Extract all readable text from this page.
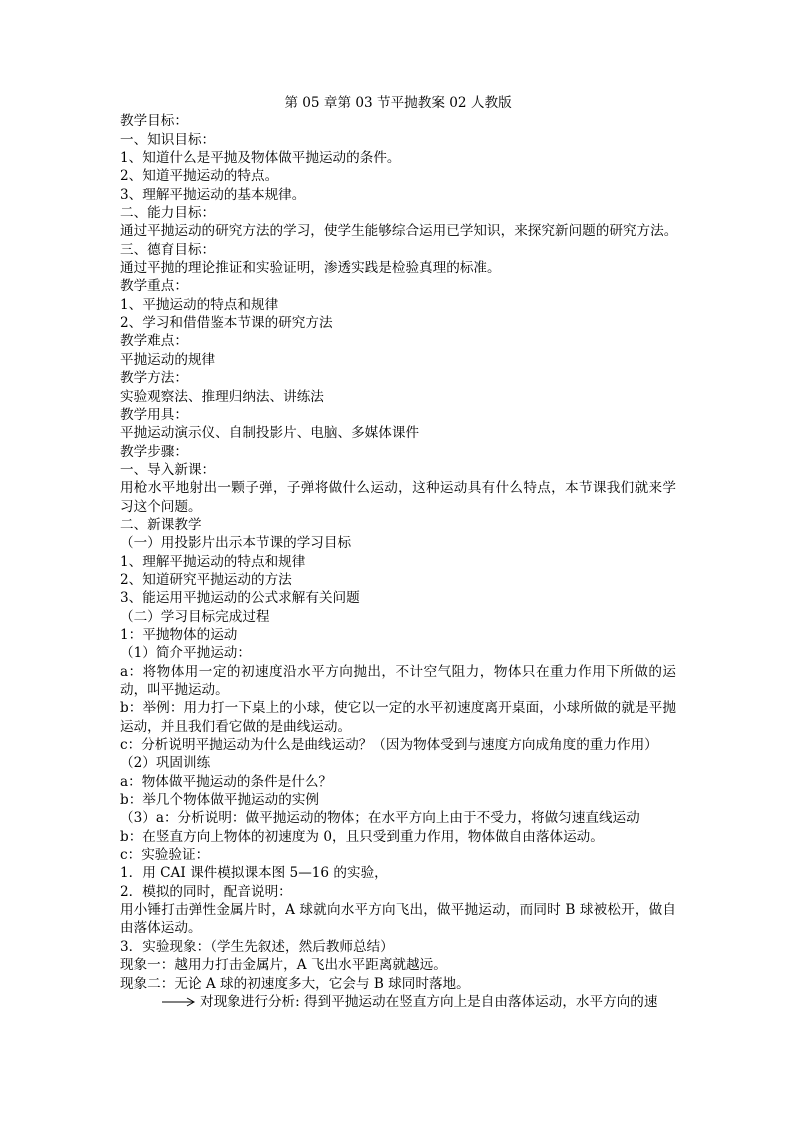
第 05 章第 03 节平抛教案 02 人教版
教学目标：
一、知识目标：
1、知道什么是平抛及物体做平抛运动的条件。
2、知道平抛运动的特点。
3、理解平抛运动的基本规律。
二、能力目标：
通过平抛运动的研究方法的学习，使学生能够综合运用已学知识，来探究新问题的研究方法。
三、德育目标：
通过平抛的理论推证和实验证明，渗透实践是检验真理的标准。
教学重点：
1、平抛运动的特点和规律
2、学习和借借鉴本节课的研究方法
教学难点：
平抛运动的规律
教学方法：
实验观察法、推理归纳法、讲练法
教学用具：
平抛运动演示仪、自制投影片、电脑、多媒体课件
教学步骤：
一、导入新课：
用枪水平地射出一颗子弹，子弹将做什么运动，这种运动具有什么特点，本节课我们就来学习这个问题。
二、新课教学
（一）用投影片出示本节课的学习目标
1、理解平抛运动的特点和规律
2、知道研究平抛运动的方法
3、能运用平抛运动的公式求解有关问题
（二）学习目标完成过程
1：平抛物体的运动
（1）简介平抛运动：
a：将物体用一定的初速度沿水平方向抛出，不计空气阻力，物体只在重力作用下所做的运动，叫平抛运动。
b：举例：用力打一下桌上的小球，使它以一定的水平初速度离开桌面，小球所做的就是平抛运动，并且我们看它做的是曲线运动。
c：分析说明平抛运动为什么是曲线运动？（因为物体受到与速度方向成角度的重力作用）
（2）巩固训练
a：物体做平抛运动的条件是什么？
b：举几个物体做平抛运动的实例
（3）a：分析说明：做平抛运动的物体；在水平方向上由于不受力，将做匀速直线运动
b：在竖直方向上物体的初速度为 0，且只受到重力作用，物体做自由落体运动。
c：实验验证：
1．用 CAI 课件模拟课本图 5—16 的实验，
2．模拟的同时，配音说明：
用小锤打击弹性金属片时，A 球就向水平方向飞出，做平抛运动，而同时 B 球被松开，做自由落体运动。
3．实验现象：（学生先叙述，然后教师总结）
现象一：越用力打击金属片，A 飞出水平距离就越远。
现象二：无论 A 球的初速度多大，它会与 B 球同时落地。
对现象进行分析: 得到平抛运动在竖直方向上是自由落体运动，水平方向的速
